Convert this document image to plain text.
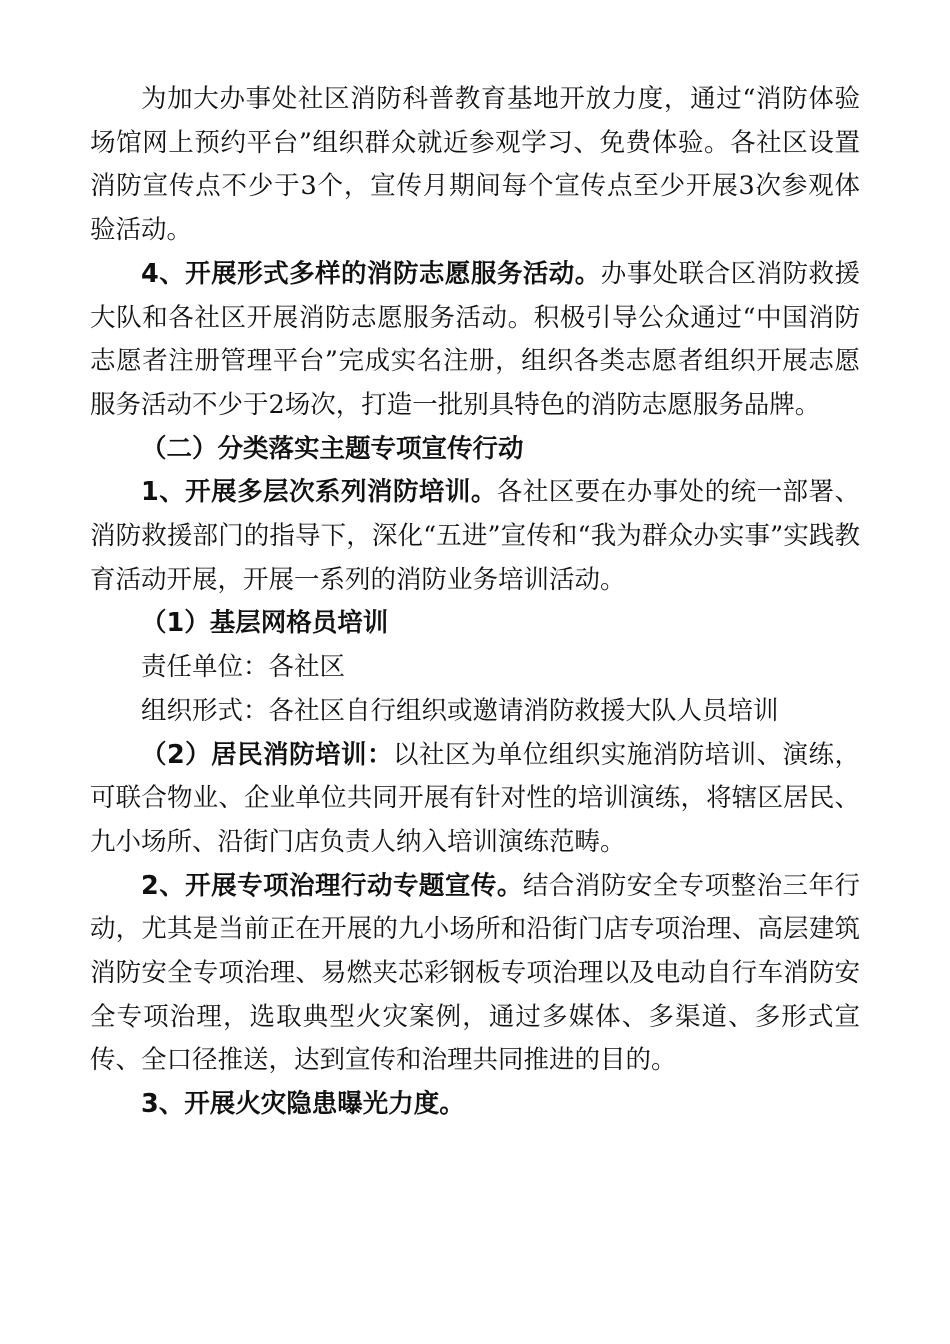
为加大办事处社区消防科普教育基地开放力度，通过“消防体验场馆网上预约平台”组织群众就近参观学习、免费体验。各社区设置消防宣传点不少于3个，宣传月期间每个宣传点至少开展3次参观体验活动。

4、开展形式多样的消防志愿服务活动。办事处联合区消防救援大队和各社区开展消防志愿服务活动。积极引导公众通过“中国消防志愿者注册管理平台”完成实名注册，组织各类志愿者组织开展志愿服务活动不少于2场次，打造一批别具特色的消防志愿服务品牌。

（二）分类落实主题专项宣传行动

1、开展多层次系列消防培训。各社区要在办事处的统一部署、消防救援部门的指导下，深化“五进”宣传和“我为群众办实事”实践教育活动开展，开展一系列的消防业务培训活动。

（1）基层网格员培训

责任单位：各社区

组织形式：各社区自行组织或邀请消防救援大队人员培训

（2）居民消防培训：以社区为单位组织实施消防培训、演练，可联合物业、企业单位共同开展有针对性的培训演练，将辖区居民、九小场所、沿街门店负责人纳入培训演练范畴。

2、开展专项治理行动专题宣传。结合消防安全专项整治三年行动，尤其是当前正在开展的九小场所和沿街门店专项治理、高层建筑消防安全专项治理、易燃夹芯彩钢板专项治理以及电动自行车消防安全专项治理，选取典型火灾案例，通过多媒体、多渠道、多形式宣传、全口径推送，达到宣传和治理共同推进的目的。

3、开展火灾隐患曝光力度。
